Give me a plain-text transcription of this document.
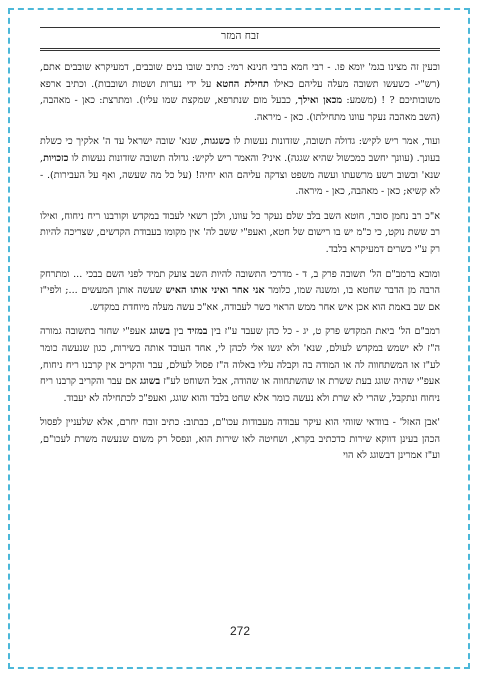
זבח המזר

וכעין זה מצינו בגמ' יומא פו. - רבי חמא ברבי חנינא רמי: כתיב שובו בנים שובבים, דמעיקרא שובבים אתם, (רש"י- כשעשו תשובה מעלה עליהם כאילו תחילת החטא על ידי נערות ושטות ושובבות). וכתיב ארפא משובותיכם ? ! (משמע: מכאן ואילך, כבעל מום שנתרפא, שמקצת שמו עליו). ומתרצת: כאן - מאהבה, (השב מאהבה נעקר עוונו מתחילתו). כאן - מיראה.

ועוד, אמר ריש לקיש: גדולה תשובה, שזדונות נעשות לו כשגגות, שנא' שובה ישראל עד ה' אלקיך כי כשלת בעונך. (עוונך יחשב כמכשול שהיא שגגה). איני? והאמר ריש לקיש: גדולה תשובה שזדונות נעשות לו כזכויות, שנא' ובשוב רשע מרשעתו ועשה משפט וצדקה עליהם הוא יחיה! (על כל מה שעשה, ואף על העבירות). - לא קשיא; כאן - מאהבה, כאן - מיראה.

א"כ רב נחמן סובר, חוטא השב בלב שלם נעקר כל עוונו, ולכן רשאי לעבוד במקדש וקורבנו ריח ניחוח, ואילו רב ששת נוקט, כי כ"מ יש בו רישום של חטא, ואעפ"י ששב לה' אין מקומו בעבודת הקדשים, שצריכה להיות רק ע"י כשרים דמעיקרא בלבד.

ומובא ברמב"ם הל' תשובה פרק ב, ד - מדרכי התשובה להיות השב צועק תמיד לפני השם בבכי ... ומתרחק הרבה מן הדבר שחטא בו, ומשנה שמו, כלומר אני אחר ואיני אותו האיש שעשה אותן המעשים ...; ולפי"ז אם שב באמת הוא אכן איש אחר ממש הראוי כשר לעבודה, אא"כ עשה מעלה מיוחדת במקדש.

רמב"ם הל' ביאת המקדש פרק ט, יג - כל כהן שעבד ע"ז בין במזיד בין בשוגג אעפ"י שחזר בתשובה גמורה ה"ז לא ישמש במקדש לעולם, שנא' ולא יגשו אלי לכהן לי, אחד העובד אותה בשירות, כגון שנעשה כומר לע"ז או המשתחווה לה או המודה בה וקבלה עליו באלוה ה"ז פסול לעולם, עבר והקריב אין קרבנו ריח ניחוח, אעפ"י שהיה שוגג בעת ששרת או שהשתחווה או שהודה, אבל השוחט לע"ז בשוגג אם עבר והקריב קרבנו ריח ניחוח ונתקבל, שהרי לא שרת ולא נעשה כומר אלא שחט בלבד והוא שוגג, ואעפ"כ לכתחילה לא יעבוד.

'אבן האזל' - בוודאי שזוהי הוא עיקר עבודה מעבודות עכו"ם, כבתוב: כתיב זובח יחרם, אלא שלעניין לפסול הכהן בעינן דווקא שירות כדכתיב בקרא, ושחיטה לאו שירות הוא, ונפסל רק משום שנעשה משרת לעכו"ם, וע"ז אמרינן דבשוגג לא הוי

272
